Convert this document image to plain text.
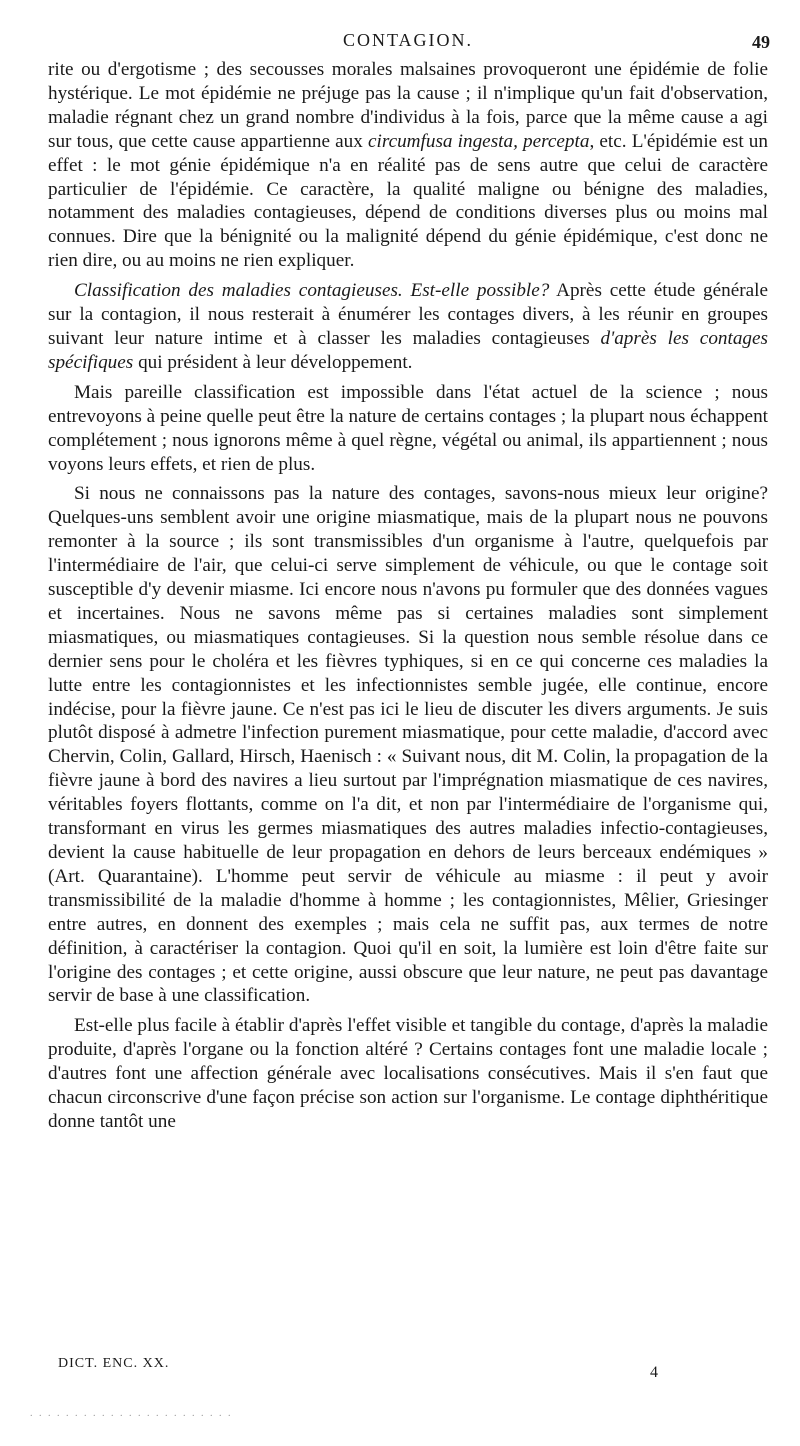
CONTAGION.	49

rite ou d'ergotisme ; des secousses morales malsaines provoqueront une épidémie de folie hystérique. Le mot épidémie ne préjuge pas la cause ; il n'implique qu'un fait d'observation, maladie régnant chez un grand nombre d'individus à la fois, parce que la même cause a agi sur tous, que cette cause appartienne aux circumfusa ingesta, percepta, etc. L'épidémie est un effet : le mot génie épidémique n'a en réalité pas de sens autre que celui de caractère particulier de l'épidémie. Ce caractère, la qualité maligne ou bénigne des maladies, notamment des maladies contagieuses, dépend de conditions diverses plus ou moins mal connues. Dire que la bénignité ou la malignité dépend du génie épidémique, c'est donc ne rien dire, ou au moins ne rien expliquer.

Classification des maladies contagieuses. Est-elle possible? Après cette étude générale sur la contagion, il nous resterait à énumérer les contages divers, à les réunir en groupes suivant leur nature intime et à classer les maladies contagieuses d'après les contages spécifiques qui président à leur développement.

Mais pareille classification est impossible dans l'état actuel de la science ; nous entrevoyons à peine quelle peut être la nature de certains contages ; la plupart nous échappent complétement ; nous ignorons même à quel règne, végétal ou animal, ils appartiennent ; nous voyons leurs effets, et rien de plus.

Si nous ne connaissons pas la nature des contages, savons-nous mieux leur origine? Quelques-uns semblent avoir une origine miasmatique, mais de la plupart nous ne pouvons remonter à la source ; ils sont transmissibles d'un organisme à l'autre, quelquefois par l'intermédiaire de l'air, que celui-ci serve simplement de véhicule, ou que le contage soit susceptible d'y devenir miasme. Ici encore nous n'avons pu formuler que des données vagues et incertaines. Nous ne savons même pas si certaines maladies sont simplement miasmatiques, ou miasmatiques contagieuses. Si la question nous semble résolue dans ce dernier sens pour le choléra et les fièvres typhiques, si en ce qui concerne ces maladies la lutte entre les contagionnistes et les infectionnistes semble jugée, elle continue, encore indécise, pour la fièvre jaune. Ce n'est pas ici le lieu de discuter les divers arguments. Je suis plutôt disposé à admetre l'infection purement miasmatique, pour cette maladie, d'accord avec Chervin, Colin, Gallard, Hirsch, Haenisch : « Suivant nous, dit M. Colin, la propagation de la fièvre jaune à bord des navires a lieu surtout par l'imprégnation miasmatique de ces navires, véritables foyers flottants, comme on l'a dit, et non par l'intermédiaire de l'organisme qui, transformant en virus les germes miasmatiques des autres maladies infectio-contagieuses, devient la cause habituelle de leur propagation en dehors de leurs berceaux endémiques » (Art. Quarantaine). L'homme peut servir de véhicule au miasme : il peut y avoir transmissibilité de la maladie d'homme à homme ; les contagionnistes, Mêlier, Griesinger entre autres, en donnent des exemples ; mais cela ne suffit pas, aux termes de notre définition, à caractériser la contagion. Quoi qu'il en soit, la lumière est loin d'être faite sur l'origine des contages ; et cette origine, aussi obscure que leur nature, ne peut pas davantage servir de base à une classification.

Est-elle plus facile à établir d'après l'effet visible et tangible du contage, d'après la maladie produite, d'après l'organe ou la fonction altéré ? Certains contages font une maladie locale ; d'autres font une affection générale avec localisations consécutives. Mais il s'en faut que chacun circonscrive d'une façon précise son action sur l'organisme. Le contage diphthéritique donne tantôt une

DICT. ENC. XX.
4
. . . . . . . . . . . . . . . . . . . . . . .
